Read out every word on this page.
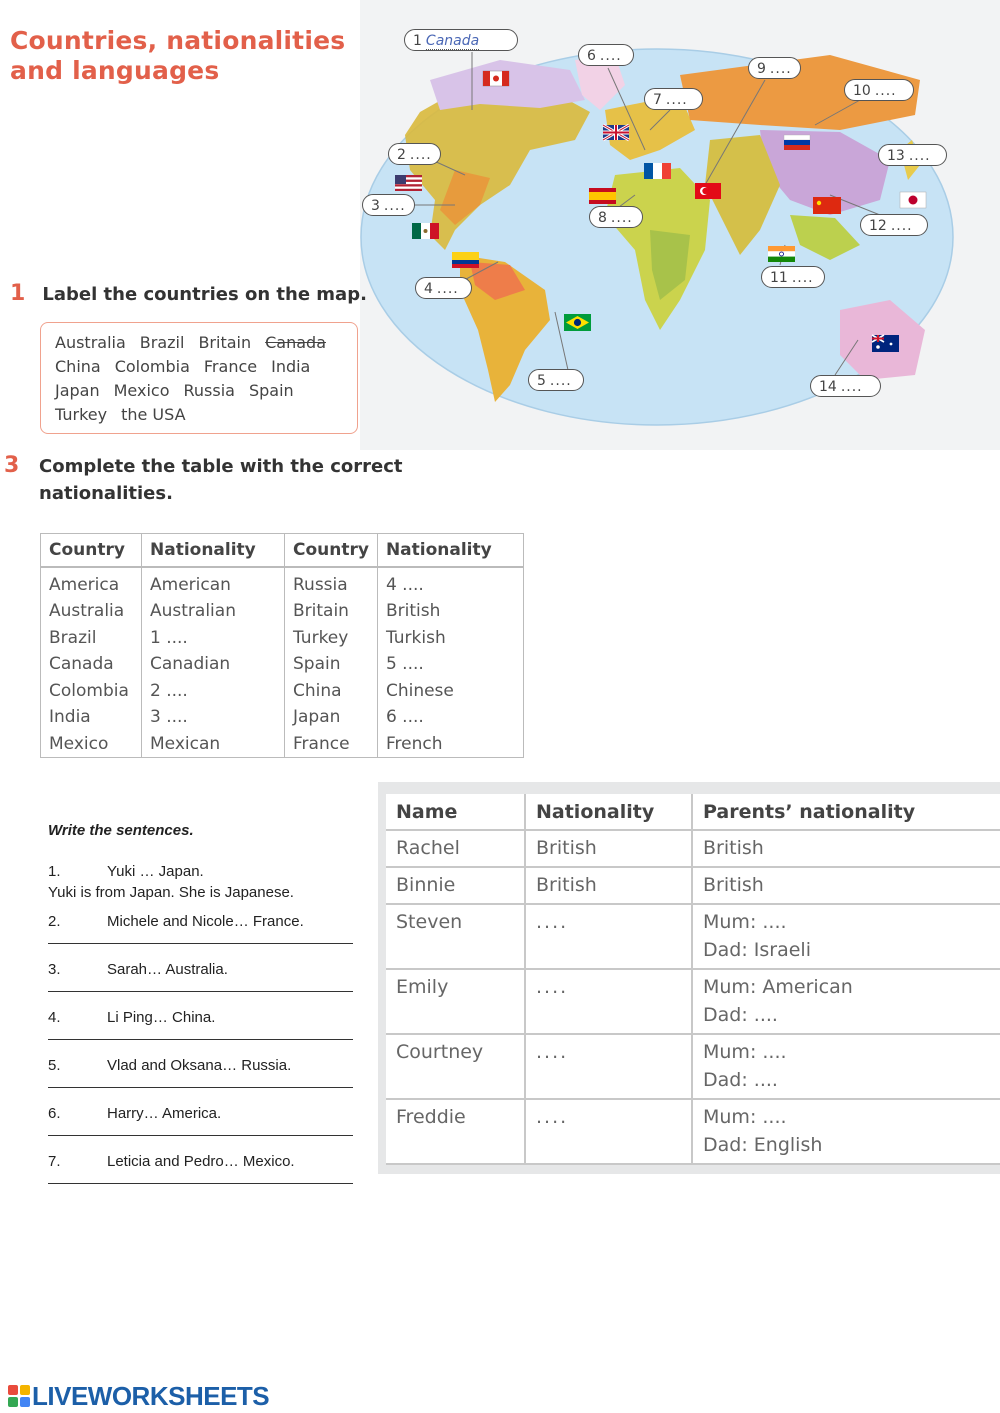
Countries, nationalities
and languages
1 Canada
2 ....
3 ....
4 ....
5 ....
6 ....
7 ....
8 ....
9 ....
10 ....
11 ....
12 ....
13 ....
14 ....
1 Label the countries on the map.
Australia Brazil Britain Canada
China Colombia France India
Japan Mexico Russia Spain
Turkey the USA
3 Complete the table with the correct
nationalities.
Country	Nationality	Country	Nationality
America	American	Russia	4 ....
Australia	Australian	Britain	British
Brazil	1 ....	Turkey	Turkish
Canada	Canadian	Spain	5 ....
Colombia	2 ....	China	Chinese
India	3 ....	Japan	6 ....
Mexico	Mexican	France	French
Write the sentences.
1.	Yuki … Japan.
Yuki is from Japan. She is Japanese.
2.	Michele and Nicole… France.
3.	Sarah… Australia.
4.	Li Ping… China.
5.	Vlad and Oksana… Russia.
6.	Harry… America.
7.	Leticia and Pedro… Mexico.
Name	Nationality	Parents’ nationality
Rachel	British	British

Binnie	British	British

Steven	....	Mum: ....
Dad: Israeli

Emily	....	Mum: American
Dad: ....

Courtney	....	Mum: ....
Dad: ....

Freddie	....	Mum: ....
Dad: English
LIVEWORKSHEETS
